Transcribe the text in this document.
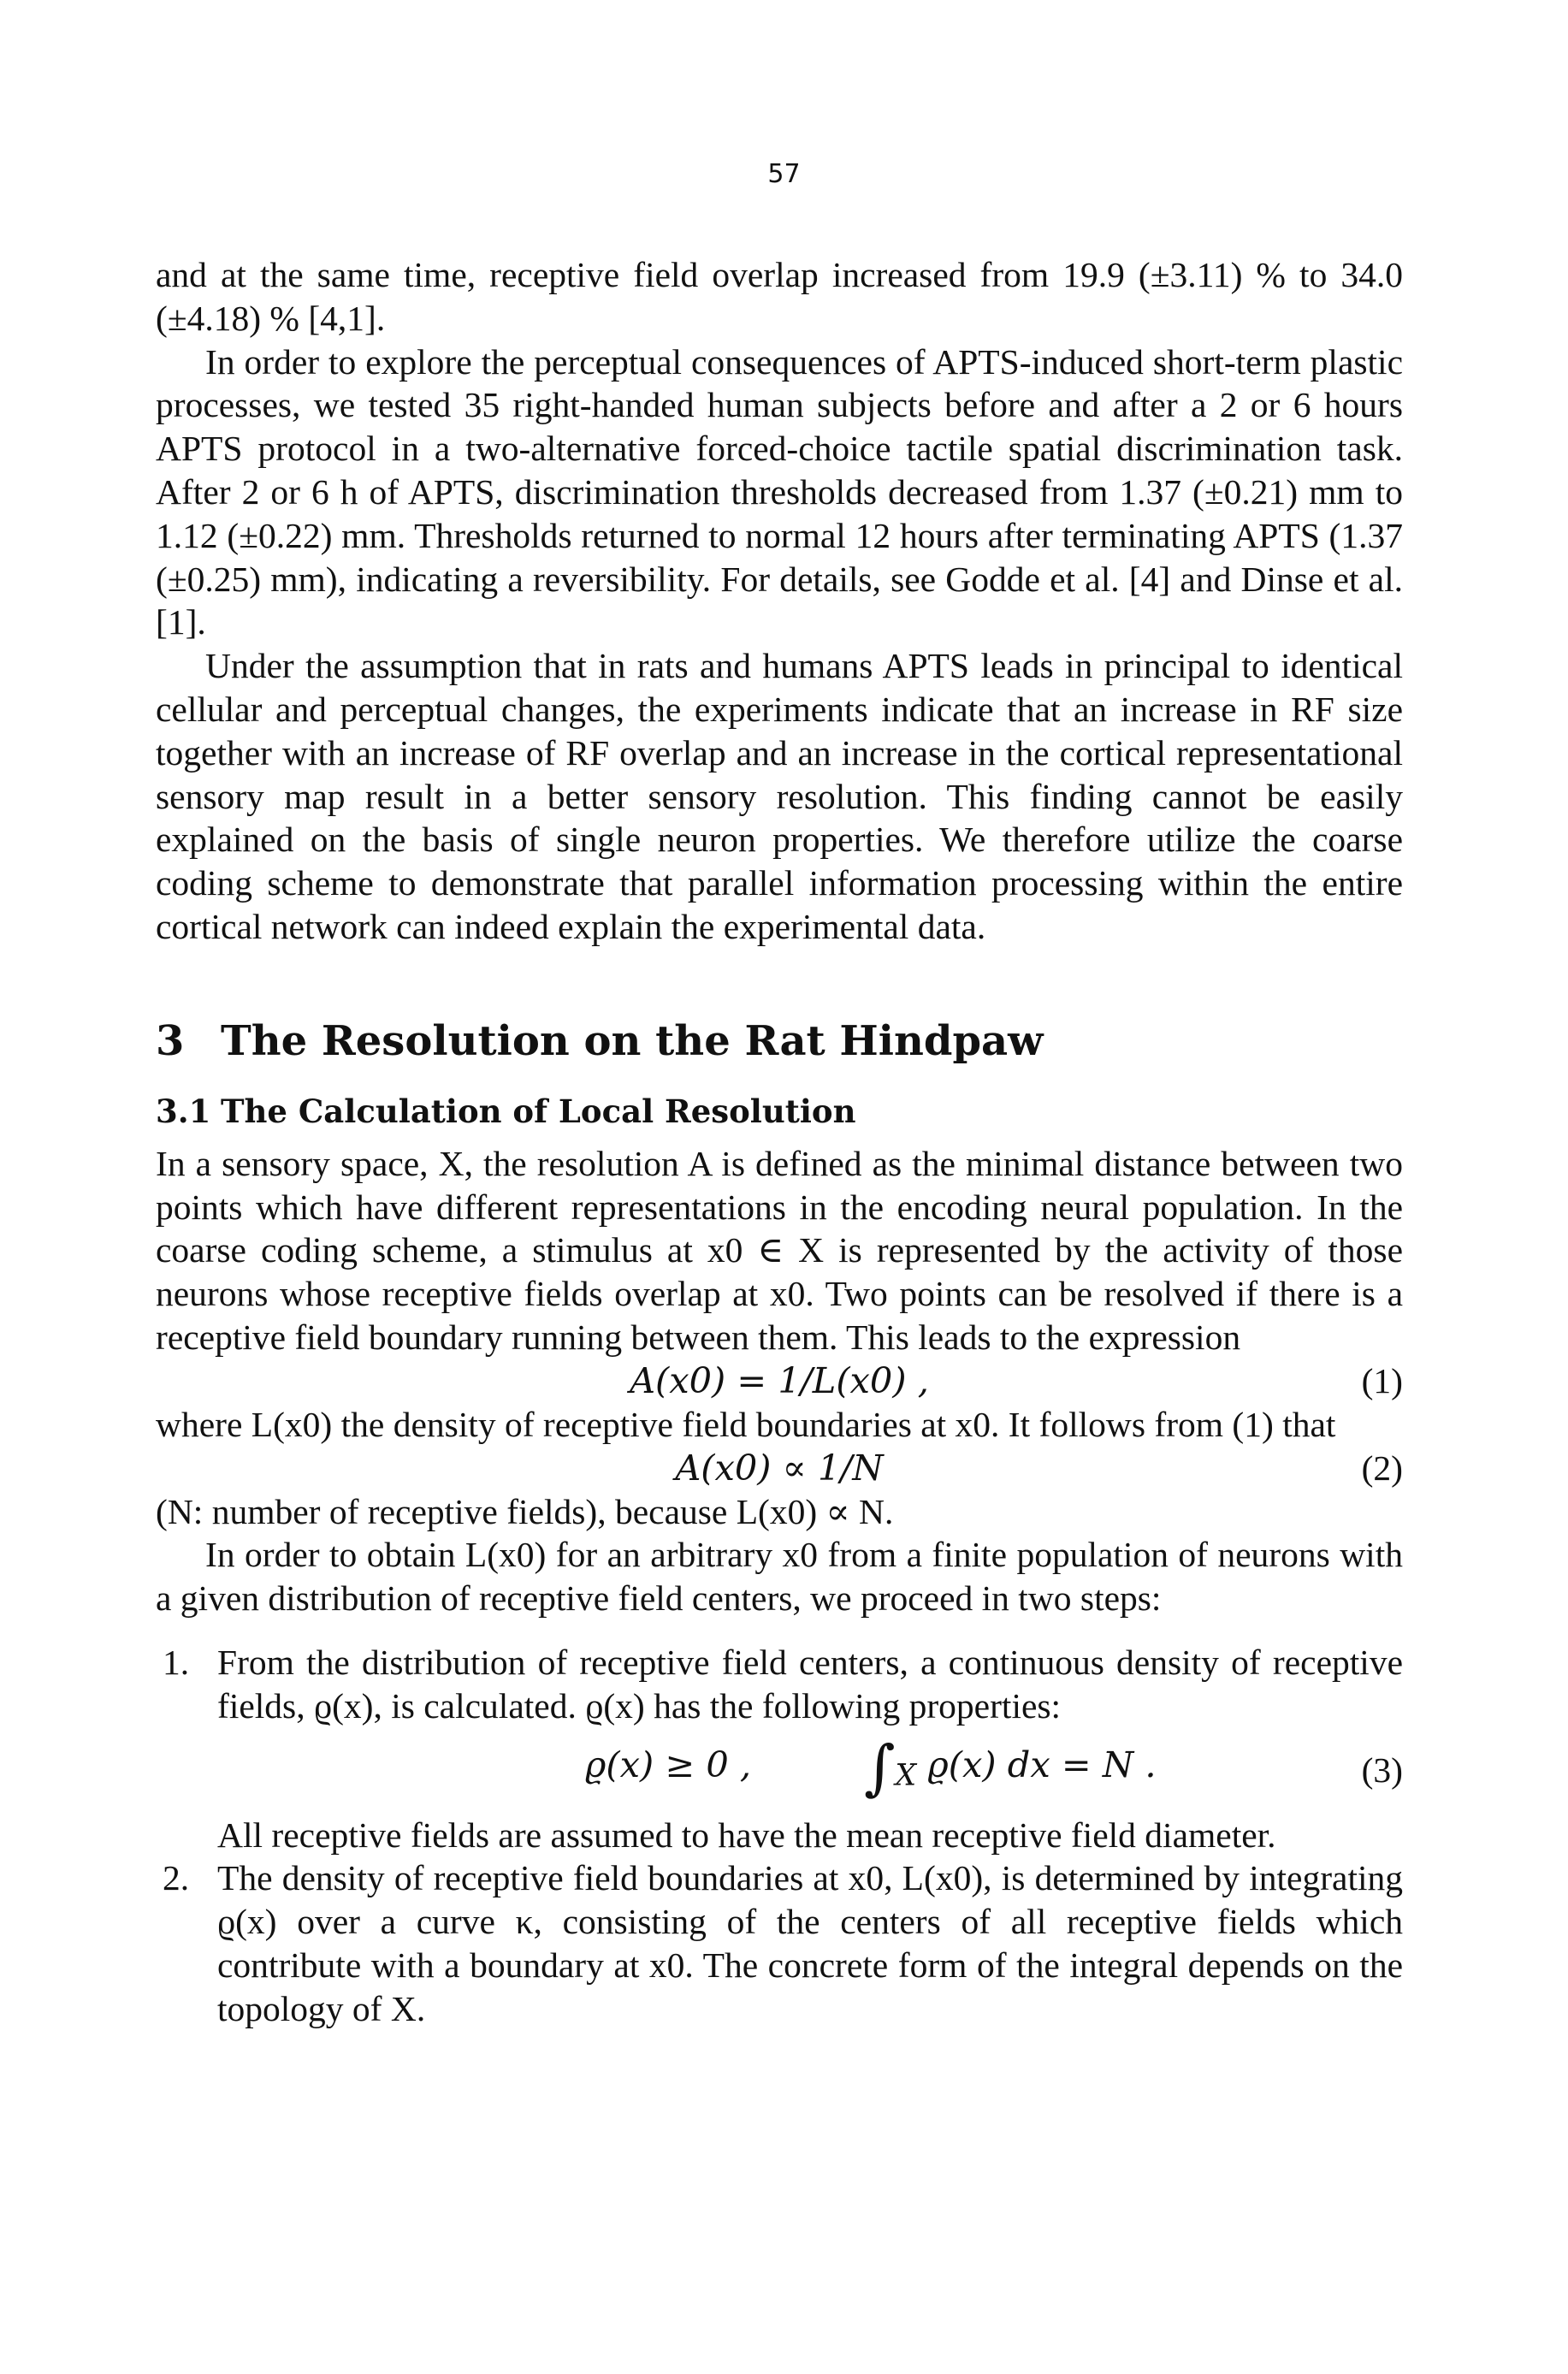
57

and at the same time, receptive field overlap increased from 19.9 (±3.11) % to 34.0 (±4.18) % [4,1].

In order to explore the perceptual consequences of APTS-induced short-term plastic processes, we tested 35 right-handed human subjects before and after a 2 or 6 hours APTS protocol in a two-alternative forced-choice tactile spatial discrimination task. After 2 or 6 h of APTS, discrimination thresholds decreased from 1.37 (±0.21) mm to 1.12 (±0.22) mm. Thresholds returned to normal 12 hours after terminating APTS (1.37 (±0.25) mm), indicating a reversibility. For details, see Godde et al. [4] and Dinse et al. [1].

Under the assumption that in rats and humans APTS leads in principal to identical cellular and perceptual changes, the experiments indicate that an increase in RF size together with an increase of RF overlap and an increase in the cortical representational sensory map result in a better sensory resolution. This finding cannot be easily explained on the basis of single neuron properties. We therefore utilize the coarse coding scheme to demonstrate that parallel information processing within the entire cortical network can indeed explain the experimental data.

3 The Resolution on the Rat Hindpaw
3.1 The Calculation of Local Resolution

In a sensory space, X, the resolution A is defined as the minimal distance between two points which have different representations in the encoding neural population. In the coarse coding scheme, a stimulus at x0 ∈ X is represented by the activity of those neurons whose receptive fields overlap at x0. Two points can be resolved if there is a receptive field boundary running between them. This leads to the expression

A(x0) = 1/L(x0) ,	(1)

where L(x0) the density of receptive field boundaries at x0. It follows from (1) that

A(x0) ∝ 1/N	(2)

(N: number of receptive fields), because L(x0) ∝ N.

In order to obtain L(x0) for an arbitrary x0 from a finite population of neurons with a given distribution of receptive field centers, we proceed in two steps:

1. From the distribution of receptive field centers, a continuous density of receptive fields, ϱ(x), is calculated. ϱ(x) has the following properties:

ϱ(x) ≥ 0 , $\int_X$ ϱ(x) dx = N .	(3)

All receptive fields are assumed to have the mean receptive field diameter.

2. The density of receptive field boundaries at x0, L(x0), is determined by integrating ϱ(x) over a curve κ, consisting of the centers of all receptive fields which contribute with a boundary at x0. The concrete form of the integral depends on the topology of X.
